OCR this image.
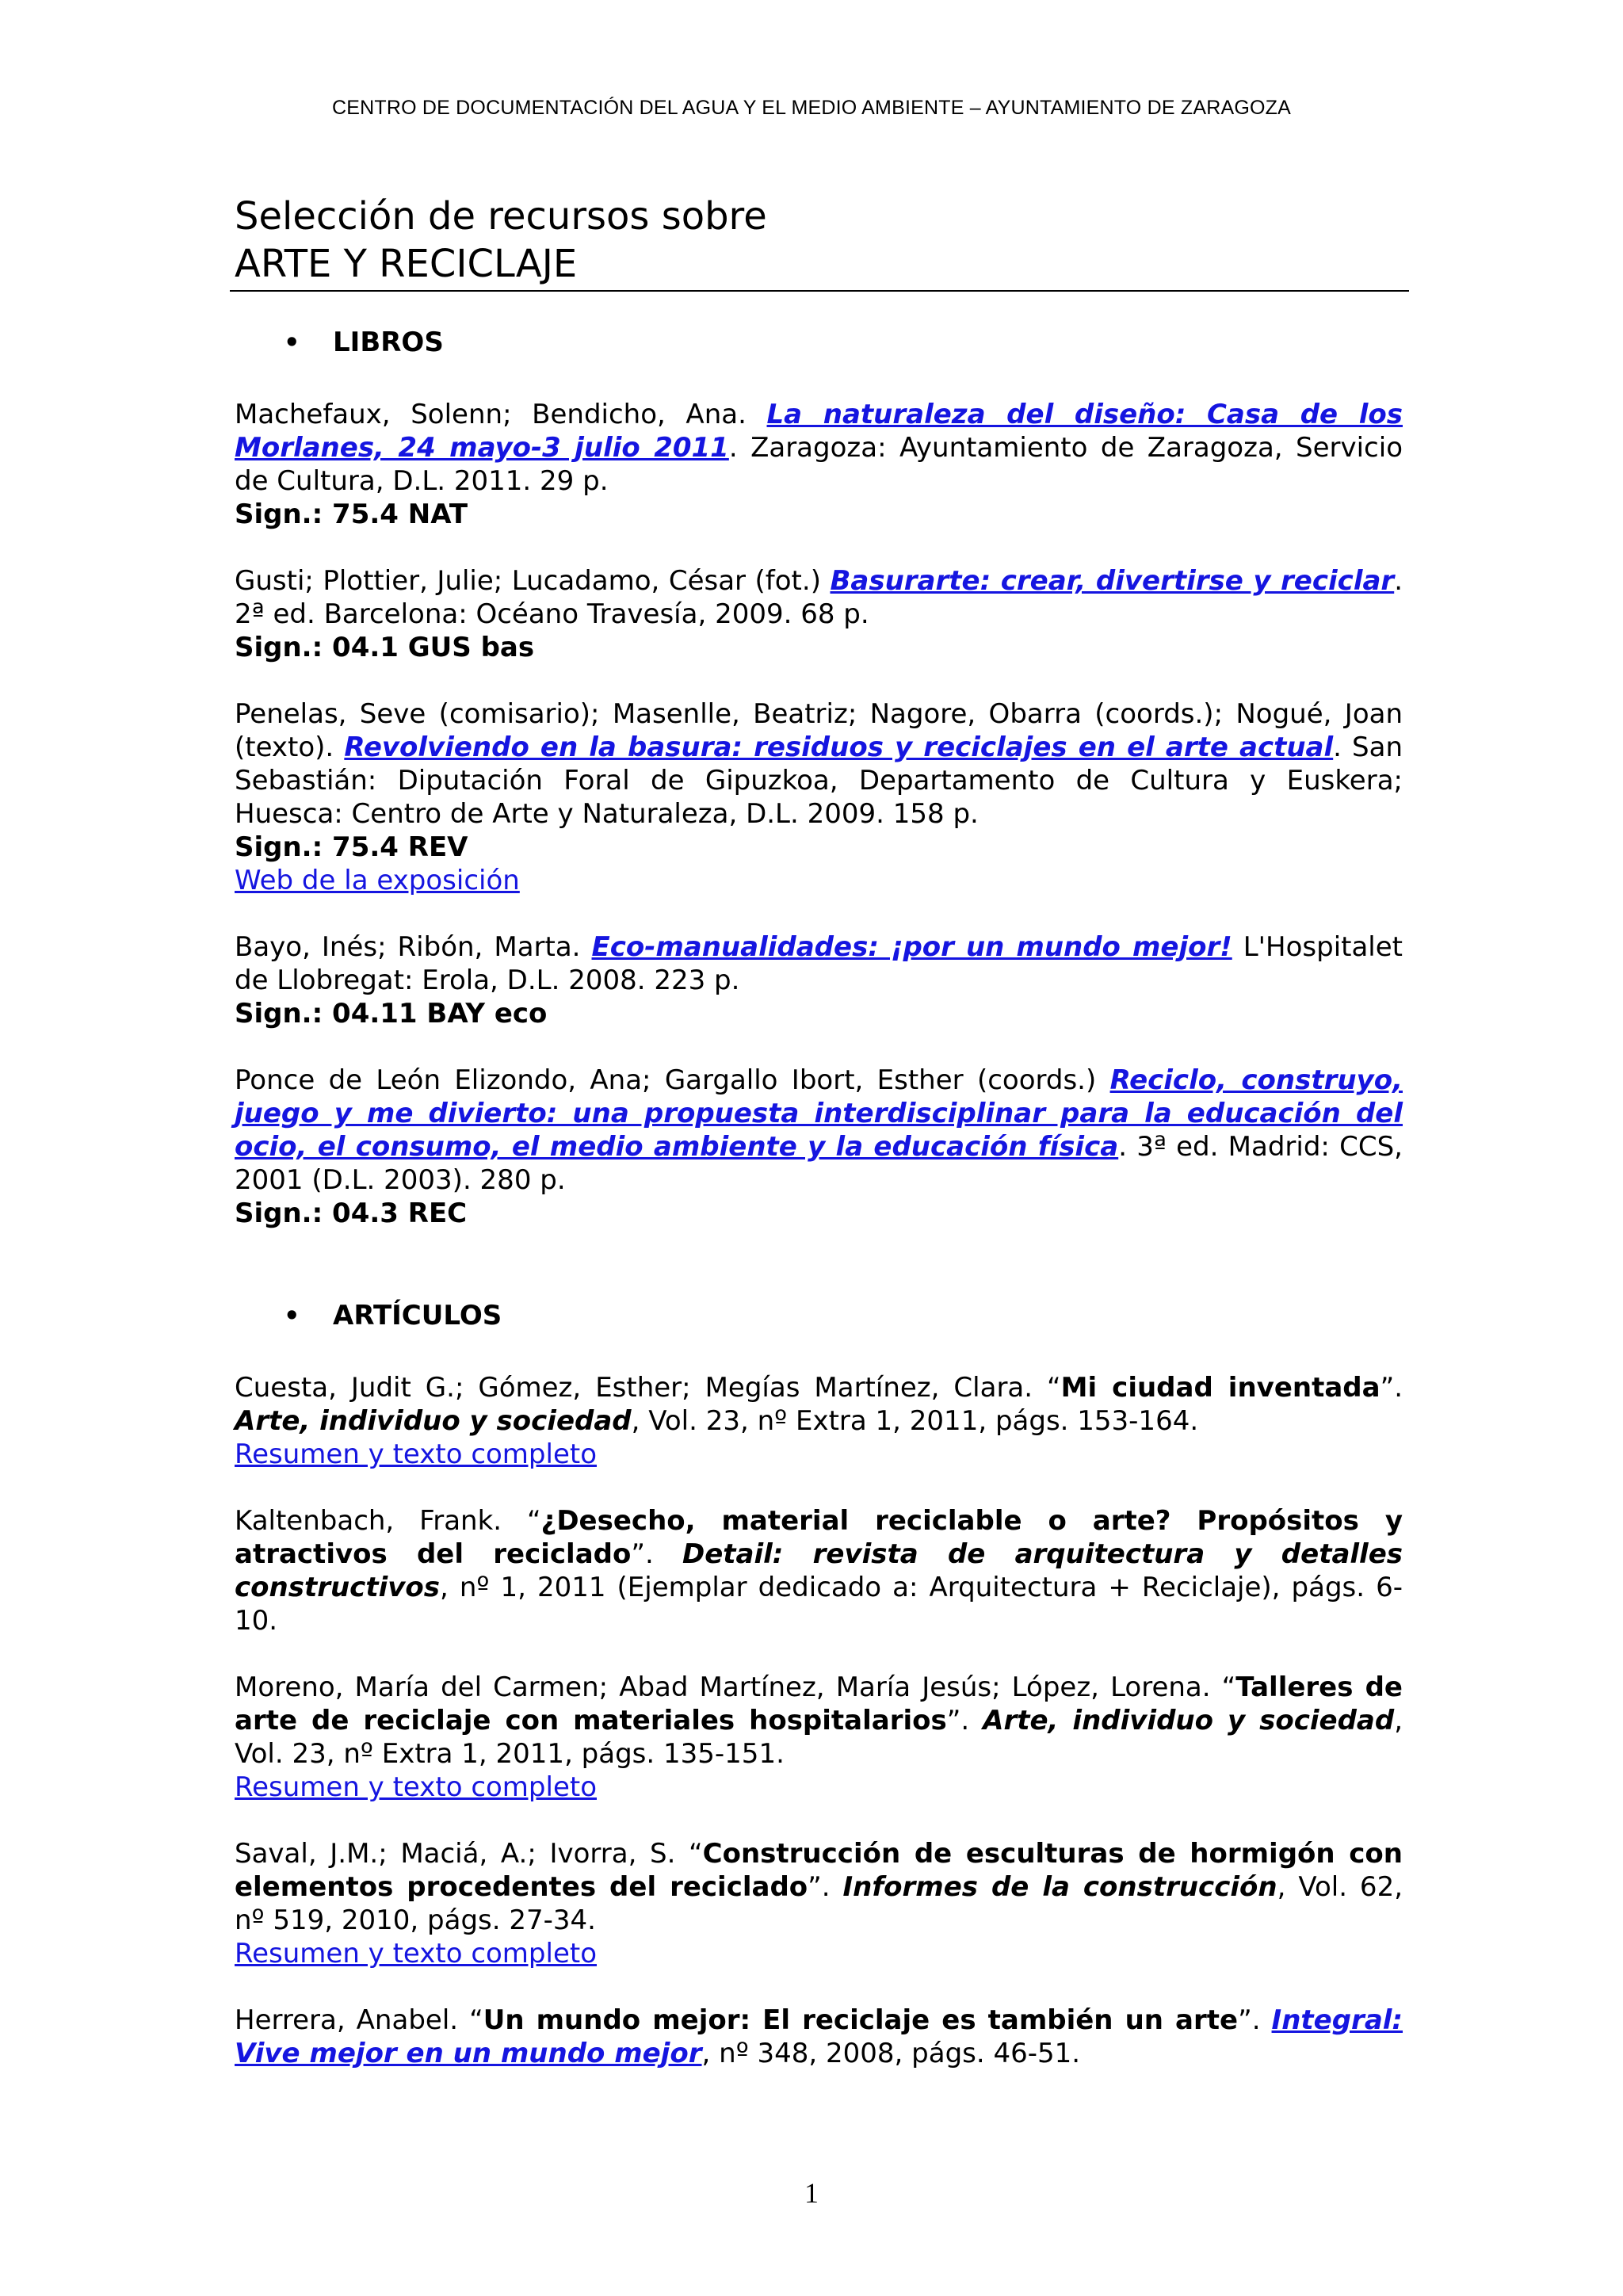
CENTRO DE DOCUMENTACIÓN DEL AGUA Y EL MEDIO AMBIENTE – AYUNTAMIENTO DE ZARAGOZA
Selección de recursos sobre
ARTE Y RECICLAJE
•	LIBROS

Machefaux, Solenn; Bendicho, Ana. La naturaleza del diseño: Casa de los Morlanes, 24 mayo-3 julio 2011. Zaragoza: Ayuntamiento de Zaragoza, Servicio de Cultura, D.L. 2011. 29 p.

Sign.: 75.4 NAT

Gusti; Plottier, Julie; Lucadamo, César (fot.) Basurarte: crear, divertirse y reciclar. 2ª ed. Barcelona: Océano Travesía, 2009. 68 p.

Sign.: 04.1 GUS bas

Penelas, Seve (comisario); Masenlle, Beatriz; Nagore, Obarra (coords.); Nogué, Joan (texto). Revolviendo en la basura: residuos y reciclajes en el arte actual. San Sebastián: Diputación Foral de Gipuzkoa, Departamento de Cultura y Euskera; Huesca: Centro de Arte y Naturaleza, D.L. 2009. 158 p.

Sign.: 75.4 REV

Web de la exposición

Bayo, Inés; Ribón, Marta. Eco-manualidades: ¡por un mundo mejor! L'Hospitalet de Llobregat: Erola, D.L. 2008. 223 p.

Sign.: 04.11 BAY eco

Ponce de León Elizondo, Ana; Gargallo Ibort, Esther (coords.) Reciclo, construyo, juego y me divierto: una propuesta interdisciplinar para la educación del ocio, el consumo, el medio ambiente y la educación física. 3ª ed. Madrid: CCS, 2001 (D.L. 2003). 280 p.

Sign.: 04.3 REC

•	ARTÍCULOS

Cuesta, Judit G.; Gómez, Esther; Megías Martínez, Clara. “Mi ciudad inventada”. Arte, individuo y sociedad, Vol. 23, nº Extra 1, 2011, págs. 153-164.

Resumen y texto completo

Kaltenbach, Frank. “¿Desecho, material reciclable o arte? Propósitos y atractivos del reciclado”. Detail: revista de arquitectura y detalles constructivos, nº 1, 2011 (Ejemplar dedicado a: Arquitectura + Reciclaje), págs. 6-10.

Moreno, María del Carmen; Abad Martínez, María Jesús; López, Lorena. “Talleres de arte de reciclaje con materiales hospitalarios”. Arte, individuo y sociedad, Vol. 23, nº Extra 1, 2011, págs. 135-151.

Resumen y texto completo

Saval, J.M.; Maciá, A.; Ivorra, S. “Construcción de esculturas de hormigón con elementos procedentes del reciclado”. Informes de la construcción, Vol. 62, nº 519, 2010, págs. 27-34.

Resumen y texto completo

Herrera, Anabel. “Un mundo mejor: El reciclaje es también un arte”. Integral: Vive mejor en un mundo mejor, nº 348, 2008, págs. 46-51.

1
